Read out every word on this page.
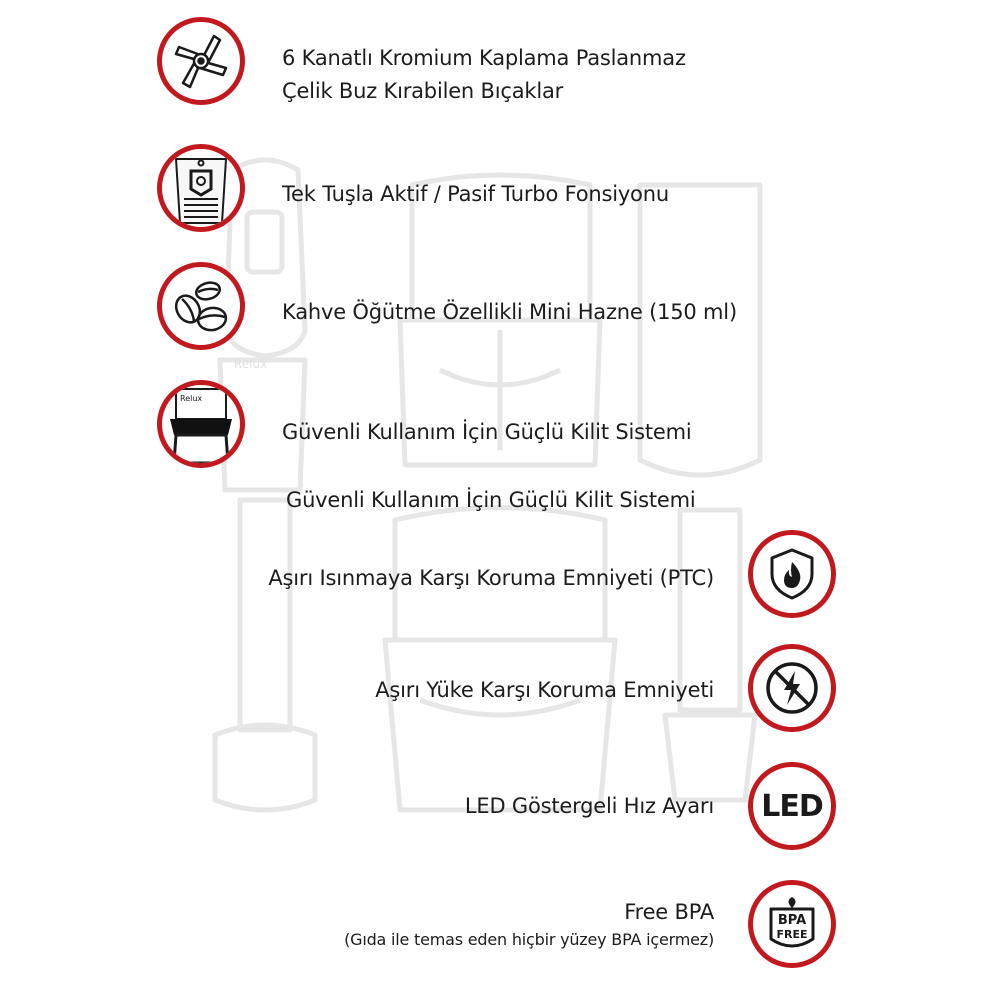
Relux
6 Kanatlı Kromium Kaplama Paslanmaz
Çelik Buz Kırabilen Bıçaklar
Tek Tuşla Aktif / Pasif Turbo Fonsiyonu
Kahve Öğütme Özellikli Mini Hazne (150 ml)
Relux
Güvenli Kullanım İçin Güçlü Kilit Sistemi
Güvenli Kullanım İçin Güçlü Kilit Sistemi
Aşırı Isınmaya Karşı Koruma Emniyeti (PTC)
Aşırı Yüke Karşı Koruma Emniyeti
LED Göstergeli Hız Ayarı LED
Free BPA
(Gıda ile temas eden hiçbir yüzey BPA içermez)
BPA
FREE
